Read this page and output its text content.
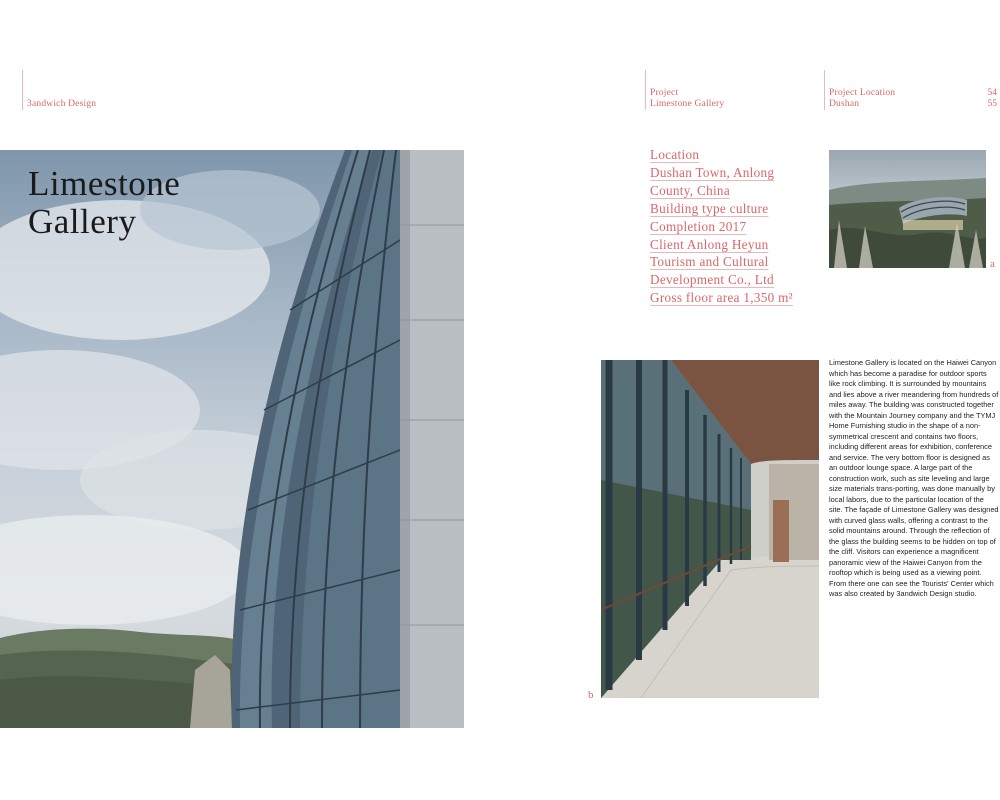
3andwich Design
Project
Limestone Gallery
Project Location
Dushan
54
55
Limestone
Gallery
Location
Dushan Town, Anlong
County, China
Building type culture
Completion 2017
Client Anlong Heyun
Tourism and Cultural
Development Co., Ltd
Gross floor area 1,350 m²
a
b

Limestone Gallery is located on the Haiwei Canyon which has become a paradise for outdoor sports like rock climbing. It is surrounded by mountains and lies above a river meandering from hundreds of miles away. The building was constructed together with the Mountain Journey company and the TYMJ Home Furnishing studio in the shape of a non-symmetrical crescent and contains two floors, including different areas for exhibition, conference and service. The very bottom floor is designed as an outdoor lounge space. A large part of the construction work, such as site leveling and large size materials trans-porting, was done manually by local labors, due to the particular location of the site. The façade of Limestone Gallery was designed with curved glass walls, offering a contrast to the solid mountains around. Through the reflection of the glass the building seems to be hidden on top of the cliff. Visitors can experience a magnificent panoramic view of the Haiwei Canyon from the rooftop which is being used as a viewing point. From there one can see the Tourists' Center which was also created by 3andwich Design studio.
